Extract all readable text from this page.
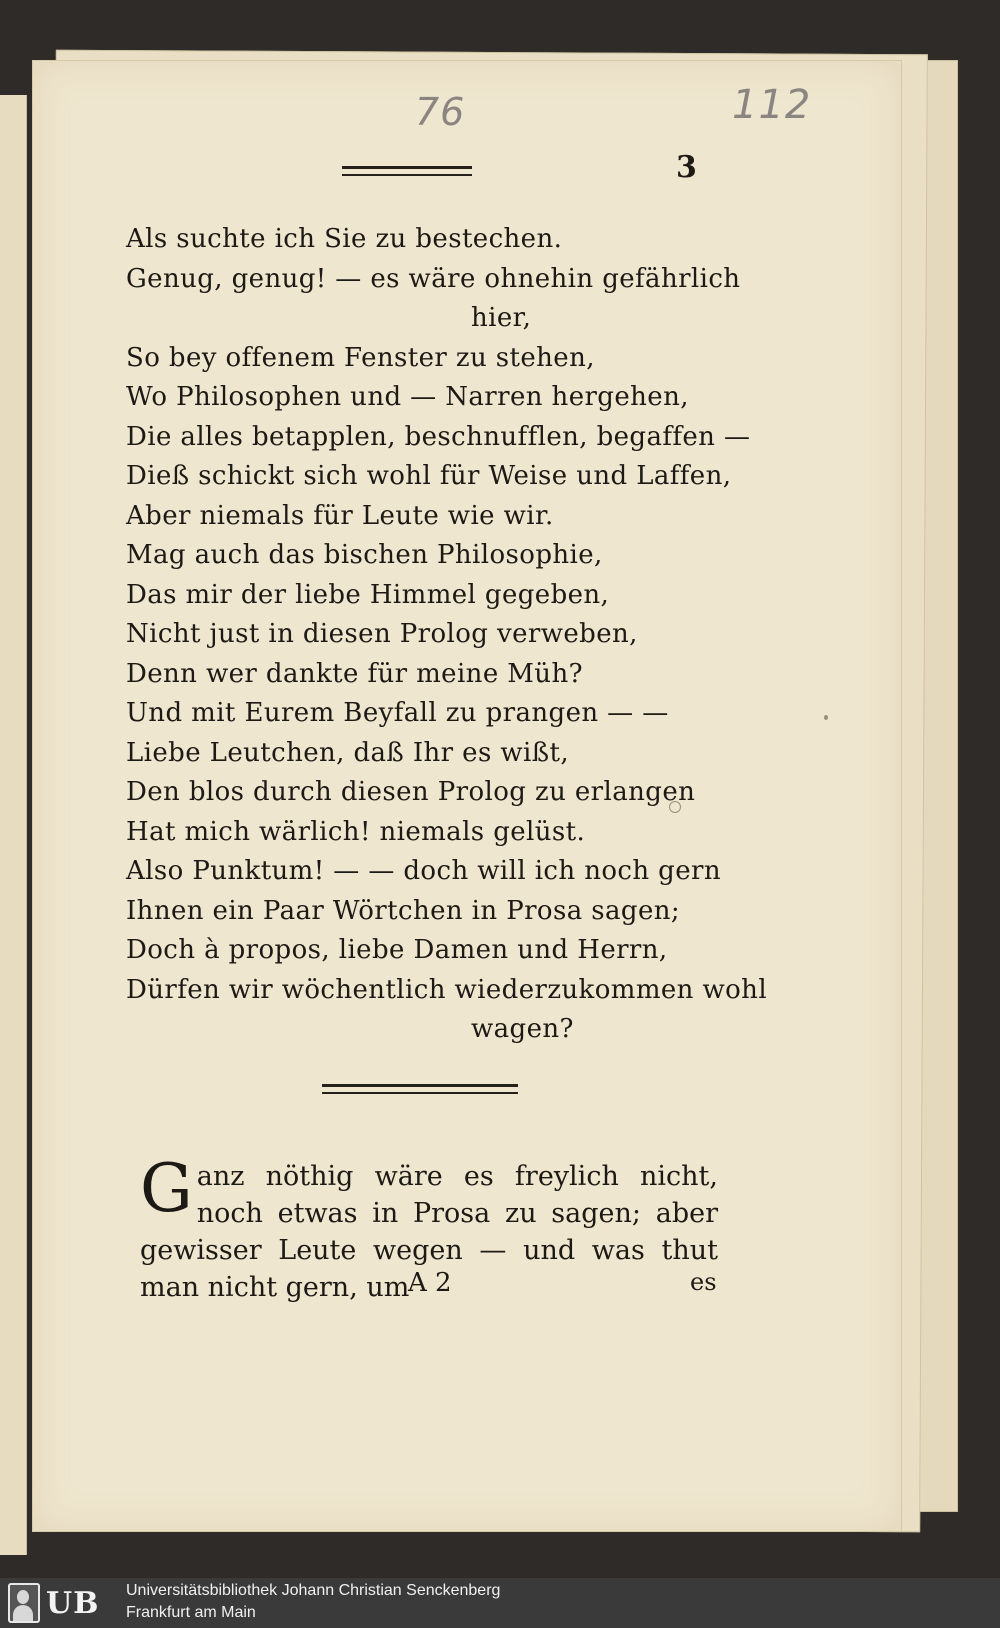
76	112
3
Als suchte ich Sie zu bestechen.
Genug, genug! — es wäre ohnehin gefährlich
hier,
So bey offenem Fenster zu stehen,
Wo Philosophen und — Narren hergehen,
Die alles betapplen, beschnufflen, begaffen —
Dieß schickt sich wohl für Weise und Laffen,
Aber niemals für Leute wie wir.
Mag auch das bischen Philosophie,
Das mir der liebe Himmel gegeben,
Nicht just in diesen Prolog verweben,
Denn wer dankte für meine Müh?
Und mit Eurem Beyfall zu prangen — —
Liebe Leutchen, daß Ihr es wißt,
Den blos durch diesen Prolog zu erlangen
Hat mich wärlich! niemals gelüst.
Also Punktum! — — doch will ich noch gern
Ihnen ein Paar Wörtchen in Prosa sagen;
Doch à propos, liebe Damen und Herrn,
Dürfen wir wöchentlich wiederzukommen wohl
wagen?
Ganz nöthig wäre es freylich nicht, noch etwas in Prosa zu sagen; aber gewisser Leute wegen — und was thut man nicht gern, um
A 2	es
UB Universitätsbibliothek Johann Christian Senckenberg
Frankfurt am Main
